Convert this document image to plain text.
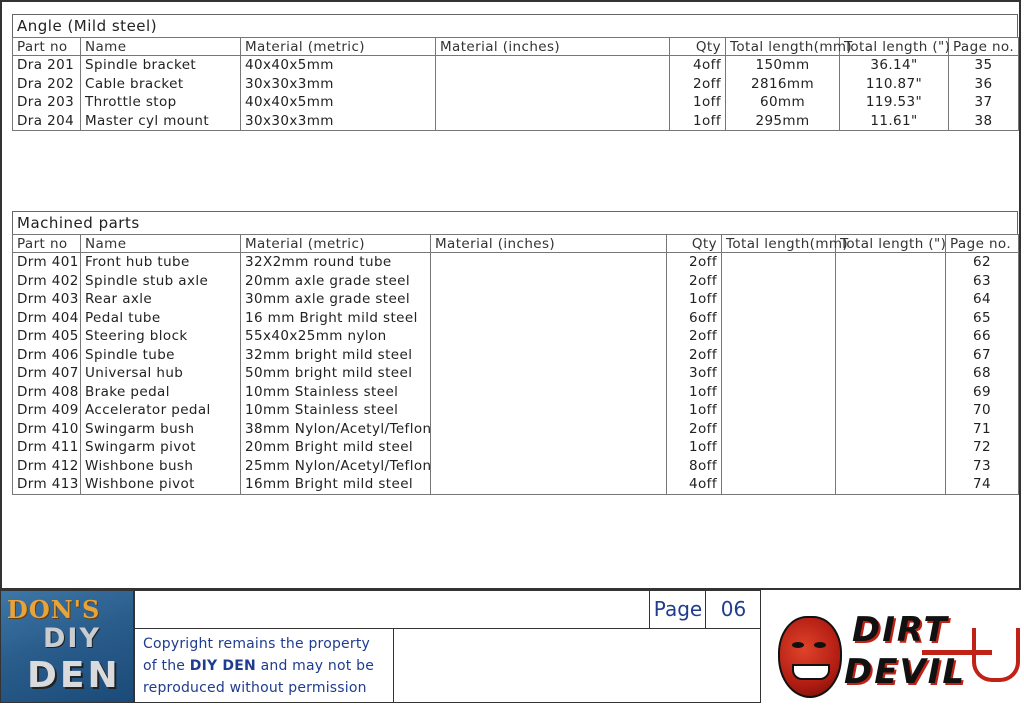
Angle (Mild steel)
Part no	Name	Material (metric)	Material (inches)	Qty	Total length(mm)	Total length (")	Page no.
Dra 201	Spindle bracket	40x40x5mm		4off	150mm	36.14"	35
Dra 202	Cable bracket	30x30x3mm		2off	2816mm	110.87"	36
Dra 203	Throttle stop	40x40x5mm		1off	60mm	119.53"	37
Dra 204	Master cyl mount	30x30x3mm		1off	295mm	11.61"	38
Machined parts
Part no	Name	Material (metric)	Material (inches)	Qty	Total length(mm)	Total length (")	Page no.
Drm 401	Front hub tube	32X2mm round tube		2off			62
Drm 402	Spindle stub axle	20mm axle grade steel		2off			63
Drm 403	Rear axle	30mm axle grade steel		1off			64
Drm 404	Pedal tube	16 mm Bright mild steel		6off			65
Drm 405	Steering block	55x40x25mm nylon		2off			66
Drm 406	Spindle tube	32mm bright mild steel		2off			67
Drm 407	Universal hub	50mm bright mild steel		3off			68
Drm 408	Brake pedal	10mm Stainless steel		1off			69
Drm 409	Accelerator pedal	10mm Stainless steel		1off			70
Drm 410	Swingarm bush	38mm Nylon/Acetyl/Teflon		2off			71
Drm 411	Swingarm pivot	20mm Bright mild steel		1off			72
Drm 412	Wishbone bush	25mm Nylon/Acetyl/Teflon		8off			73
Drm 413	Wishbone pivot	16mm Bright mild steel		4off			74
DON'S
DIY
DEN
Page 06
Copyright remains the property
of the DIY DEN and may not be
reproduced without permission
DIRT
DEVIL
